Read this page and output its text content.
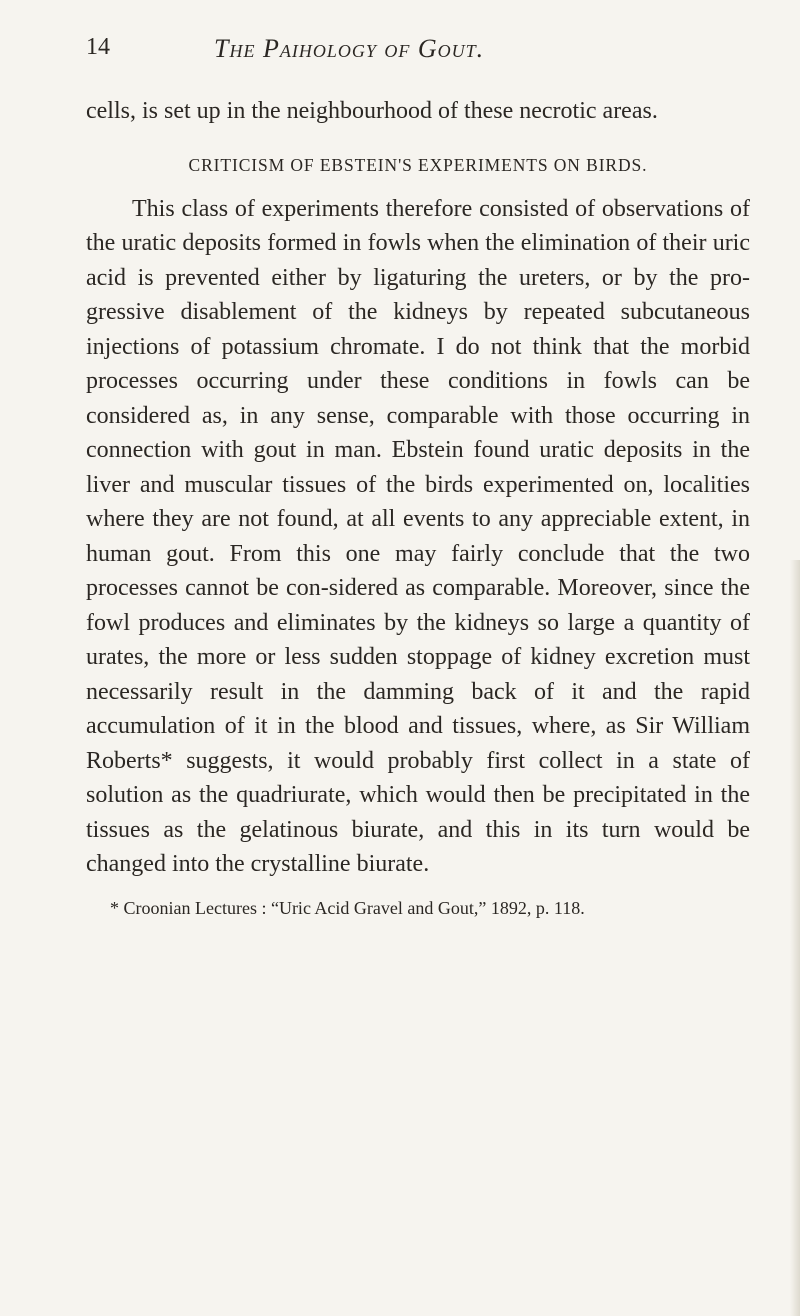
14	The Paihology of Gout.

cells, is set up in the neighbourhood of these necrotic areas.

CRITICISM OF EBSTEIN'S EXPERIMENTS ON BIRDS.

This class of experiments therefore consisted of observations of the uratic deposits formed in fowls when the elimination of their uric acid is prevented either by ligaturing the ureters, or by the pro-gressive disablement of the kidneys by repeated subcutaneous injections of potassium chromate. I do not think that the morbid processes occurring under these conditions in fowls can be considered as, in any sense, comparable with those occurring in connection with gout in man. Ebstein found uratic deposits in the liver and muscular tissues of the birds experimented on, localities where they are not found, at all events to any appreciable extent, in human gout. From this one may fairly conclude that the two processes cannot be con-sidered as comparable. Moreover, since the fowl produces and eliminates by the kidneys so large a quantity of urates, the more or less sudden stoppage of kidney excretion must necessarily result in the damming back of it and the rapid accumulation of it in the blood and tissues, where, as Sir William Roberts* suggests, it would probably first collect in a state of solution as the quadriurate, which would then be precipitated in the tissues as the gelatinous biurate, and this in its turn would be changed into the crystalline biurate.

* Croonian Lectures : “Uric Acid Gravel and Gout,” 1892, p. 118.
